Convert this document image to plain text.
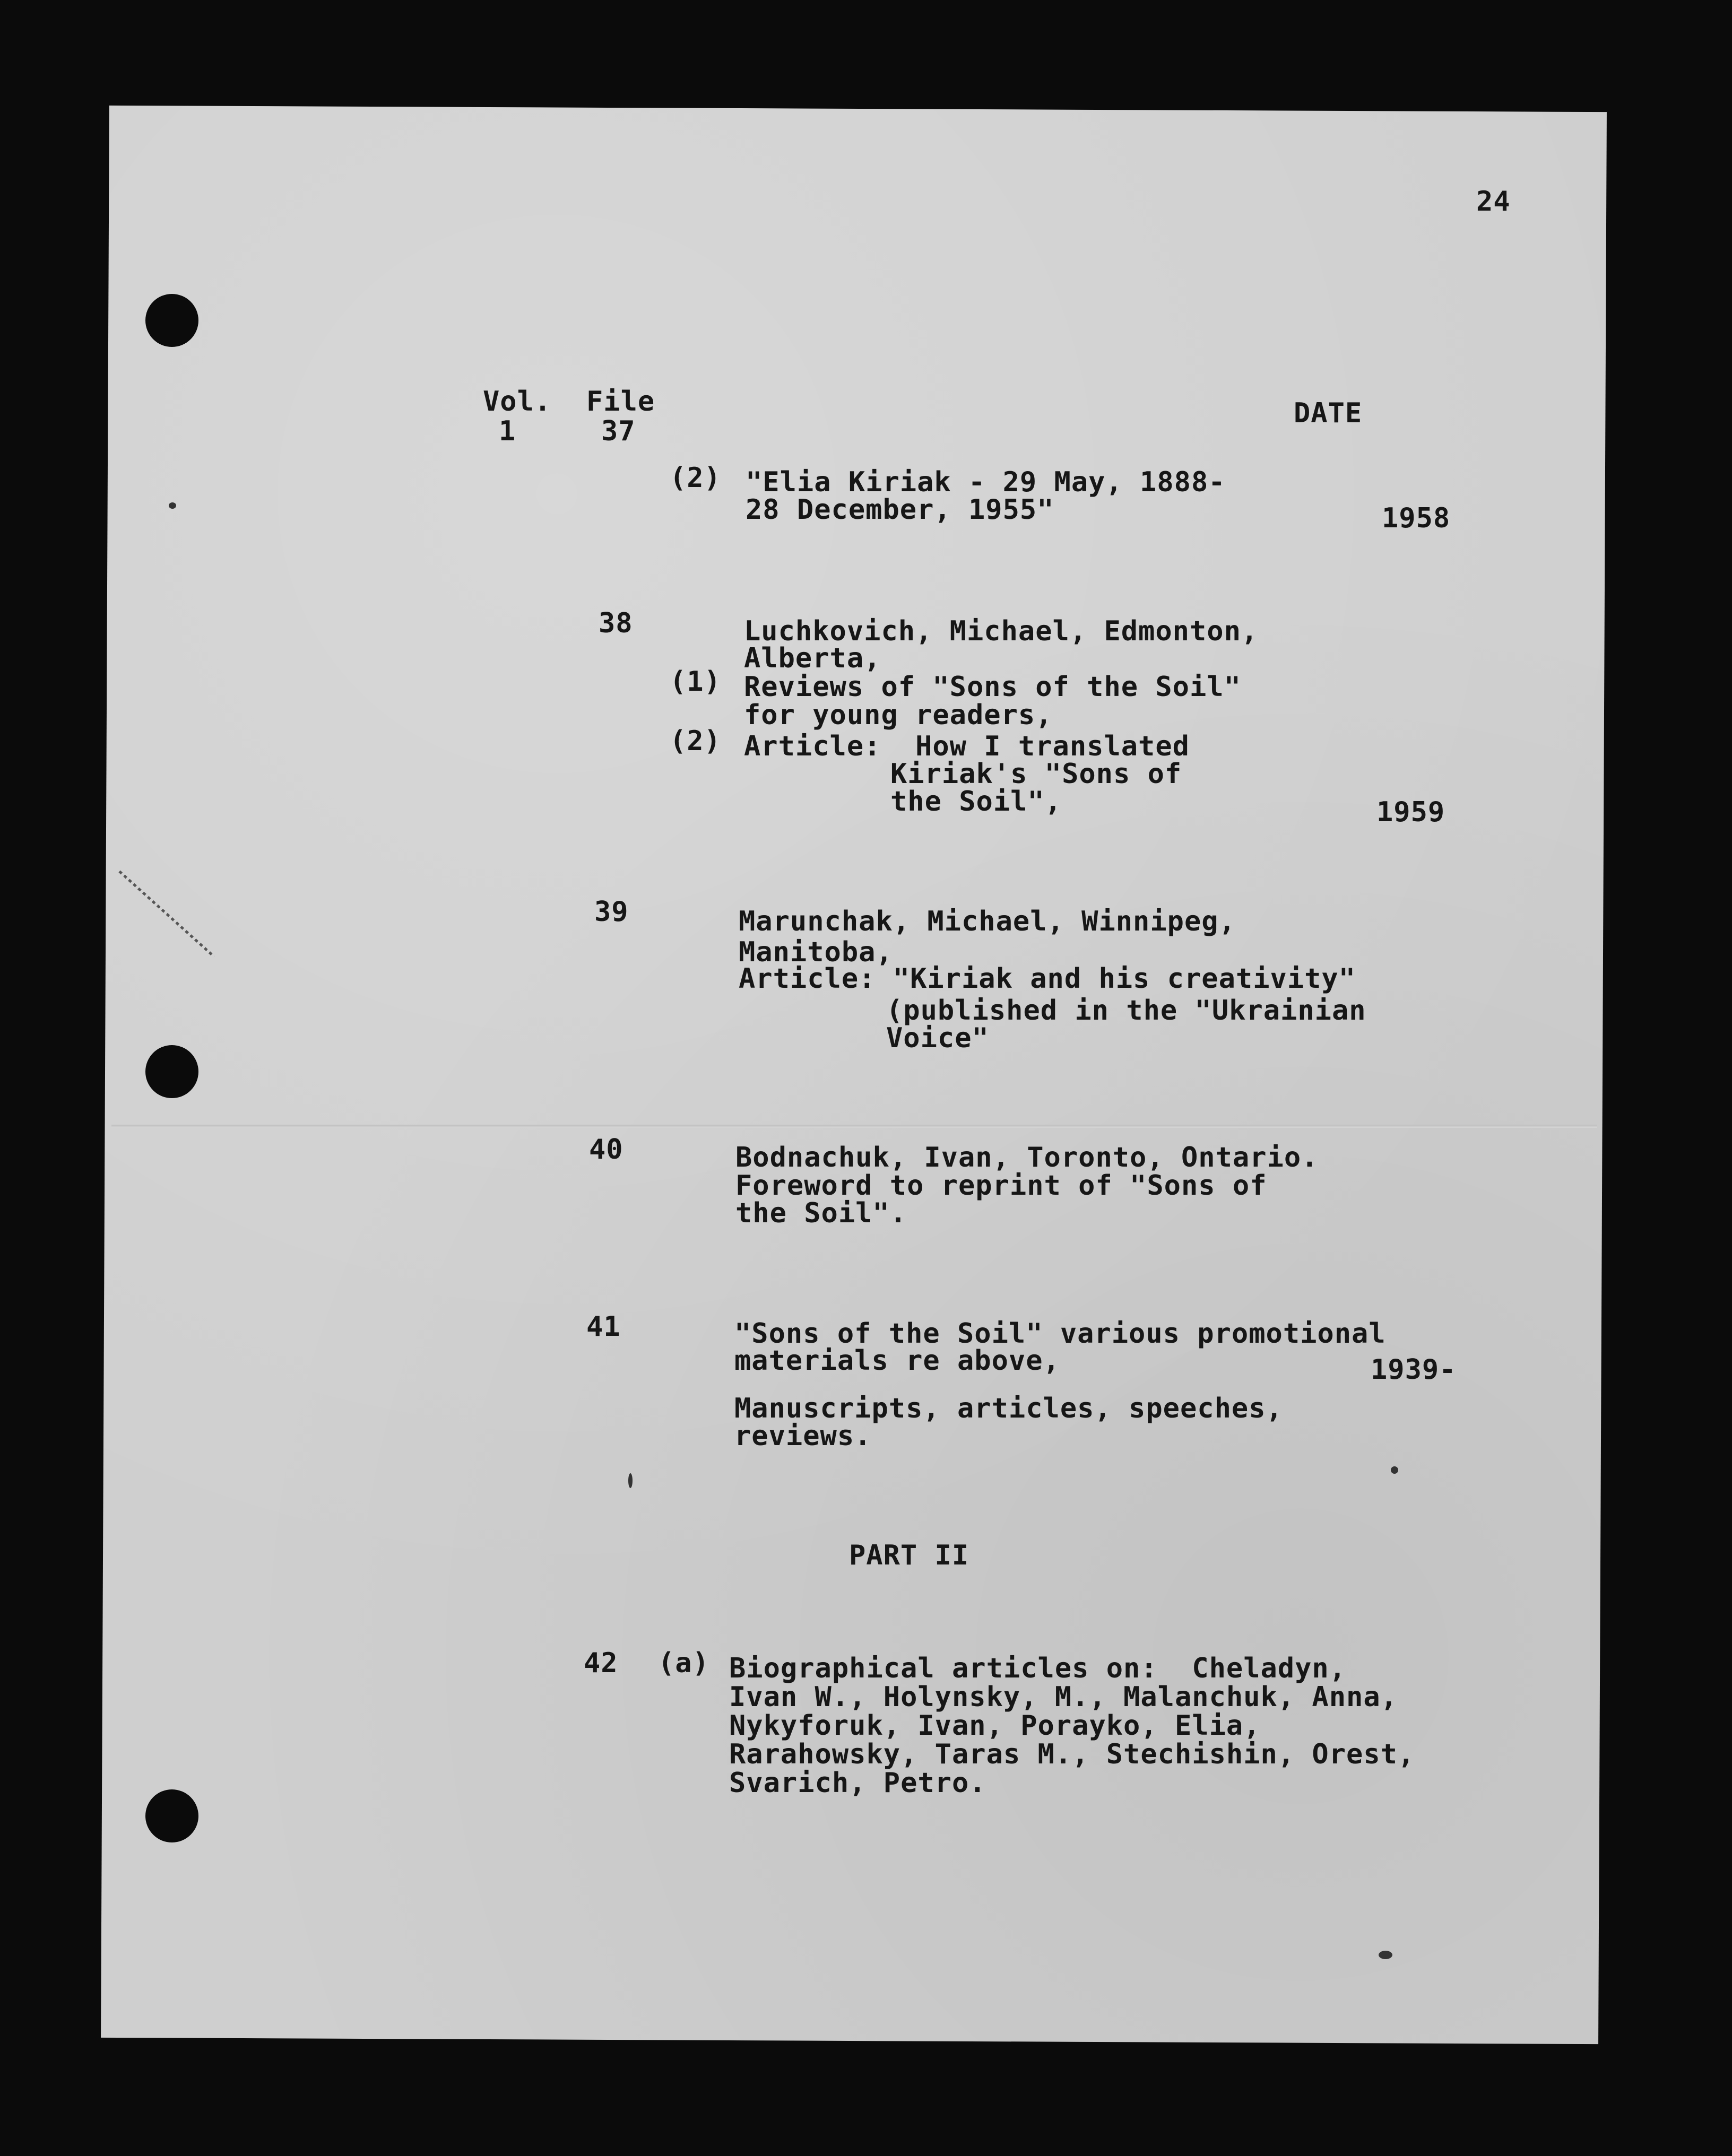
24
Vol. File	DATE
1	37
(2) "Elia Kiriak - 29 May, 1888-
28 December, 1955"	1958
38	Luchkovich, Michael, Edmonton,
Alberta,
(1) Reviews of "Sons of the Soil"
for young readers,
(2) Article:  How I translated
Kiriak's "Sons of
the Soil",	1959
39	Marunchak, Michael, Winnipeg,
Manitoba,
Article: "Kiriak and his creativity"
(published in the "Ukrainian
Voice"
40	Bodnachuk, Ivan, Toronto, Ontario.
Foreword to reprint of "Sons of
the Soil".
41	"Sons of the Soil" various promotional
materials re above,	1939-
Manuscripts, articles, speeches,
reviews.
PART II
42 (a) Biographical articles on:  Cheladyn,
Ivan W., Holynsky, M., Malanchuk, Anna,
Nykyforuk, Ivan, Porayko, Elia,
Rarahowsky, Taras M., Stechishin, Orest,
Svarich, Petro.
